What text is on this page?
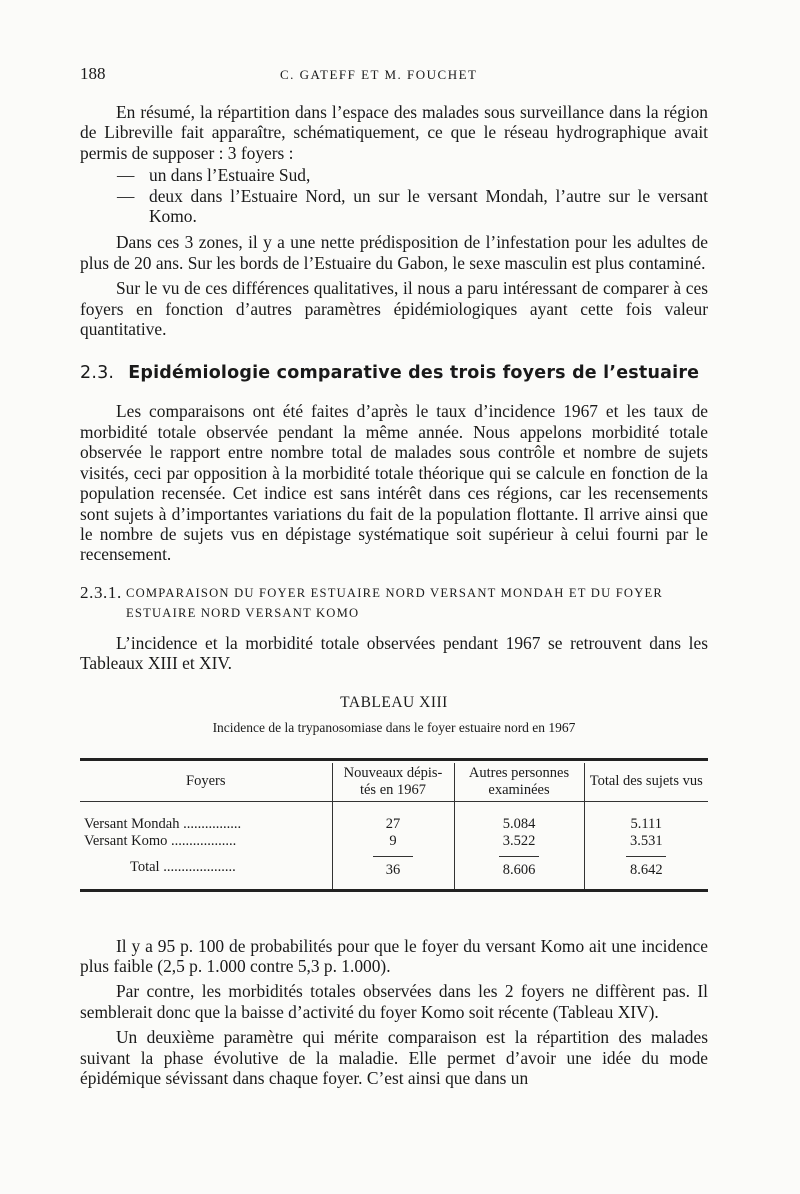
188	C. GATEFF ET M. FOUCHET

En résumé, la répartition dans l’espace des malades sous surveillance dans la région de Libreville fait apparaître, schématiquement, ce que le réseau hydrographique avait permis de supposer : 3 foyers :

— un dans l’Estuaire Sud,
— deux dans l’Estuaire Nord, un sur le versant Mondah, l’autre sur le versant Komo.

Dans ces 3 zones, il y a une nette prédisposition de l’infestation pour les adultes de plus de 20 ans. Sur les bords de l’Estuaire du Gabon, le sexe masculin est plus contaminé.

Sur le vu de ces différences qualitatives, il nous a paru intéressant de comparer à ces foyers en fonction d’autres paramètres épidémiologiques ayant cette fois valeur quantitative.

2.3. Epidémiologie comparative des trois foyers de l’estuaire

Les comparaisons ont été faites d’après le taux d’incidence 1967 et les taux de morbidité totale observée pendant la même année. Nous appelons morbidité totale observée le rapport entre nombre total de malades sous contrôle et nombre de sujets visités, ceci par opposition à la morbidité totale théorique qui se calcule en fonction de la population recensée. Cet indice est sans intérêt dans ces régions, car les recensements sont sujets à d’importantes variations du fait de la population flottante. Il arrive ainsi que le nombre de sujets vus en dépistage systématique soit supérieur à celui fourni par le recensement.

2.3.1. COMPARAISON DU FOYER ESTUAIRE NORD VERSANT MONDAH ET DU FOYER ESTUAIRE NORD VERSANT KOMO

L’incidence et la morbidité totale observées pendant 1967 se retrouvent dans les Tableaux XIII et XIV.

TABLEAU XIII
Incidence de la trypanosomiase dans le foyer estuaire nord en 1967

Foyers	Nouveaux dépis-tés en 1967	Autres personnes examinées	Total des sujets vus

Versant Mondah ................	27	5.084	5.111
Versant Komo ..................	9	3.522	3.531
Total ....................	36	8.606	8.642

Il y a 95 p. 100 de probabilités pour que le foyer du versant Komo ait une incidence plus faible (2,5 p. 1.000 contre 5,3 p. 1.000).

Par contre, les morbidités totales observées dans les 2 foyers ne diffèrent pas. Il semblerait donc que la baisse d’activité du foyer Komo soit récente (Tableau XIV).

Un deuxième paramètre qui mérite comparaison est la répartition des malades suivant la phase évolutive de la maladie. Elle permet d’avoir une idée du mode épidémique sévissant dans chaque foyer. C’est ainsi que dans un
